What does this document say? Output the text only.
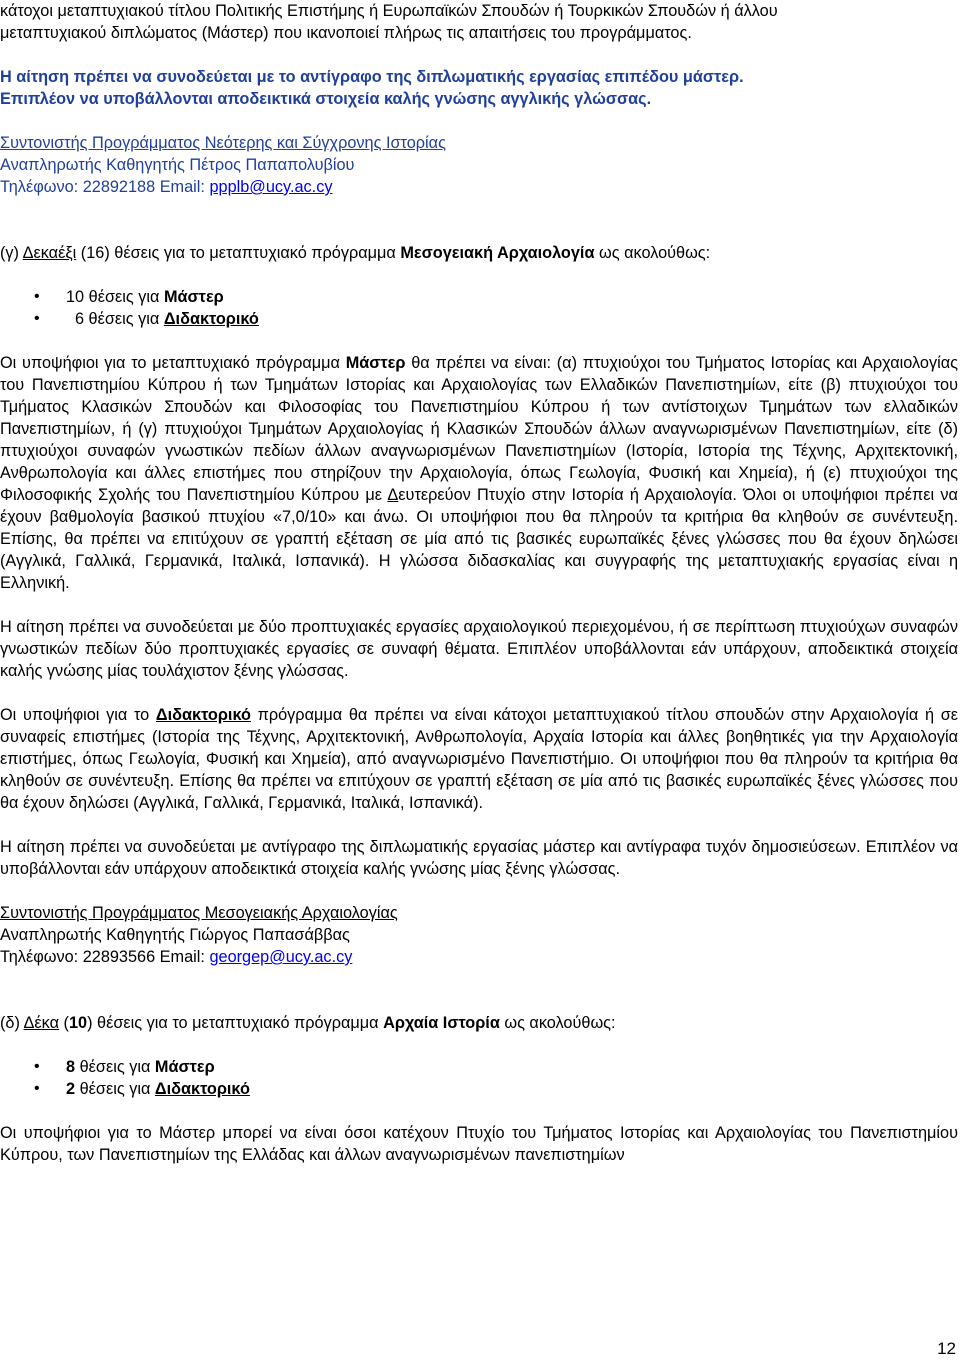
κάτοχοι μεταπτυχιακού τίτλου Πολιτικής Επιστήμης ή Ευρωπαϊκών Σπουδών ή Τουρκικών Σπουδών ή άλλου

μεταπτυχιακού διπλώματος (Μάστερ) που ικανοποιεί πλήρως τις απαιτήσεις του προγράμματος.

Η αίτηση πρέπει να συνοδεύεται με το αντίγραφο της διπλωματικής εργασίας επιπέδου μάστερ.

Επιπλέον να υποβάλλονται αποδεικτικά στοιχεία καλής γνώσης αγγλικής γλώσσας.

Συντονιστής Προγράμματος Νεότερης και Σύγχρονης Ιστορίας

Αναπληρωτής Καθηγητής Πέτρος Παπαπολυβίου

Τηλέφωνο: 22892188 Email: ppplb@ucy.ac.cy

(γ) Δεκαέξι (16) θέσεις για το μεταπτυχιακό πρόγραμμα Μεσογειακή Αρχαιολογία ως ακολούθως:

• 10 θέσεις για Μάστερ
• 6 θέσεις για Διδακτορικό

Οι υποψήφιοι για το μεταπτυχιακό πρόγραμμα Μάστερ θα πρέπει να είναι: (α) πτυχιούχοι του Τμήματος Ιστορίας και Αρχαιολογίας του Πανεπιστημίου Κύπρου ή των Τμημάτων Ιστορίας και Αρχαιολογίας των Ελλαδικών Πανεπιστημίων, είτε (β) πτυχιούχοι του Τμήματος Κλασικών Σπουδών και Φιλοσοφίας του Πανεπιστημίου Κύπρου ή των αντίστοιχων Τμημάτων των ελλαδικών Πανεπιστημίων, ή (γ) πτυχιούχοι Τμημάτων Αρχαιολογίας ή Κλασικών Σπουδών άλλων αναγνωρισμένων Πανεπιστημίων, είτε (δ) πτυχιούχοι συναφών γνωστικών πεδίων άλλων αναγνωρισμένων Πανεπιστημίων (Ιστορία, Ιστορία της Τέχνης, Αρχιτεκτονική, Ανθρωπολογία και άλλες επιστήμες που στηρίζουν την Αρχαιολογία, όπως Γεωλογία, Φυσική και Χημεία), ή (ε) πτυχιούχοι της Φιλοσοφικής Σχολής του Πανεπιστημίου Κύπρου με Δευτερεύον Πτυχίο στην Ιστορία ή Αρχαιολογία. Όλοι οι υποψήφιοι πρέπει να έχουν βαθμολογία βασικού πτυχίου «7,0/10» και άνω. Οι υποψήφιοι που θα πληρούν τα κριτήρια θα κληθούν σε συνέντευξη. Επίσης, θα πρέπει να επιτύχουν σε γραπτή εξέταση σε μία από τις βασικές ευρωπαϊκές ξένες γλώσσες που θα έχουν δηλώσει (Αγγλικά, Γαλλικά, Γερμανικά, Ιταλικά, Ισπανικά). Η γλώσσα διδασκαλίας και συγγραφής της μεταπτυχιακής εργασίας είναι η Ελληνική.

Η αίτηση πρέπει να συνοδεύεται με δύο προπτυχιακές εργασίες αρχαιολογικού περιεχομένου, ή σε περίπτωση πτυχιούχων συναφών γνωστικών πεδίων δύο προπτυχιακές εργασίες σε συναφή θέματα. Επιπλέον υποβάλλονται εάν υπάρχουν, αποδεικτικά στοιχεία καλής γνώσης μίας τουλάχιστον ξένης γλώσσας.

Οι υποψήφιοι για το Διδακτορικό πρόγραμμα θα πρέπει να είναι κάτοχοι μεταπτυχιακού τίτλου σπουδών στην Αρχαιολογία ή σε συναφείς επιστήμες (Ιστορία της Τέχνης, Αρχιτεκτονική, Ανθρωπολογία, Αρχαία Ιστορία και άλλες βοηθητικές για την Αρχαιολογία επιστήμες, όπως Γεωλογία, Φυσική και Χημεία), από αναγνωρισμένο Πανεπιστήμιο. Οι υποψήφιοι που θα πληρούν τα κριτήρια θα κληθούν σε συνέντευξη. Επίσης θα πρέπει να επιτύχουν σε γραπτή εξέταση σε μία από τις βασικές ευρωπαϊκές ξένες γλώσσες που θα έχουν δηλώσει (Αγγλικά, Γαλλικά, Γερμανικά, Ιταλικά, Ισπανικά).

Η αίτηση πρέπει να συνοδεύεται με αντίγραφο της διπλωματικής εργασίας μάστερ και αντίγραφα τυχόν δημοσιεύσεων. Επιπλέον να υποβάλλονται εάν υπάρχουν αποδεικτικά στοιχεία καλής γνώσης μίας ξένης γλώσσας.

Συντονιστής Προγράμματος Μεσογειακής Αρχαιολογίας

Αναπληρωτής Καθηγητής Γιώργος Παπασάββας

Τηλέφωνο: 22893566 Email: georgep@ucy.ac.cy

(δ) Δέκα (10) θέσεις για το μεταπτυχιακό πρόγραμμα Αρχαία Ιστορία ως ακολούθως:

• 8 θέσεις για Μάστερ
• 2 θέσεις για Διδακτορικό

Οι υποψήφιοι για το Μάστερ μπορεί να είναι όσοι κατέχουν Πτυχίο του Τμήματος Ιστορίας και Αρχαιολογίας του Πανεπιστημίου Κύπρου, των Πανεπιστημίων της Ελλάδας και άλλων αναγνωρισμένων πανεπιστημίων

12
